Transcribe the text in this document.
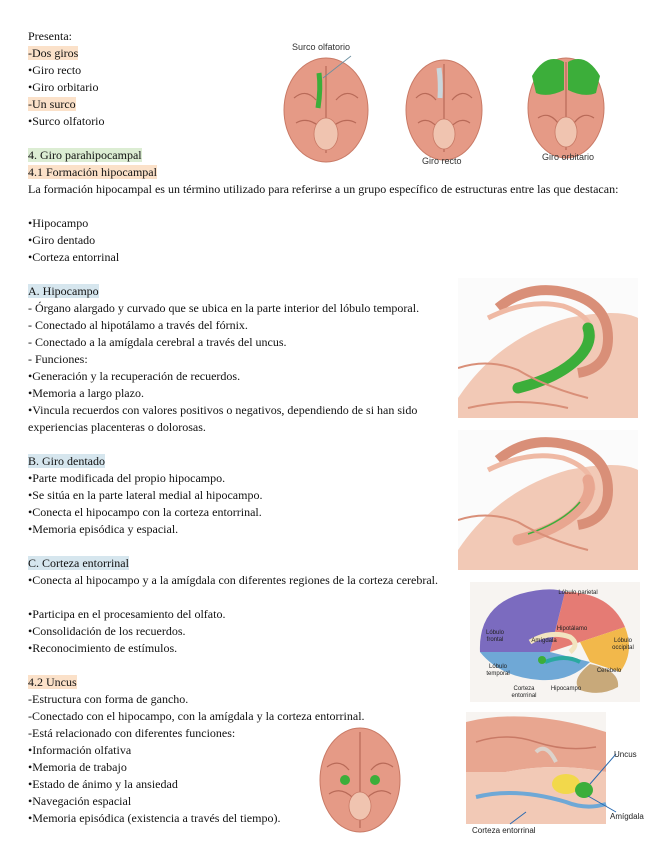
Presenta:
-Dos giros
•Giro recto
•Giro orbitario
-Un surco
•Surco olfatorio
4. Giro parahipocampal
4.1 Formación hipocampal
La formación hipocampal es un término utilizado para referirse a un grupo específico de estructuras entre las que destacan:
•Hipocampo
•Giro dentado
•Corteza entorrinal
A. Hipocampo
- Órgano alargado y curvado que se ubica en la parte interior del lóbulo temporal.
- Conectado al hipotálamo a través del fórnix.
- Conectado a la amígdala cerebral a través del uncus.
- Funciones:
•Generación y la recuperación de recuerdos.
•Memoria a largo plazo.
•Vincula recuerdos con valores positivos o negativos, dependiendo de si han sido
experiencias placenteras o dolorosas.
B. Giro dentado
•Parte modificada del propio hipocampo.
•Se sitúa en la parte lateral medial al hipocampo.
•Conecta el hipocampo con la corteza entorrinal.
•Memoria episódica y espacial.
C. Corteza entorrinal
•Conecta al hipocampo y a la amígdala con diferentes regiones de la corteza cerebral.
•Participa en el procesamiento del olfato.
•Consolidación de los recuerdos.
•Reconocimiento de estímulos.
4.2 Uncus
-Estructura con forma de gancho.
-Conectado con el hipocampo, con la amígdala y la corteza entorrinal.
-Está relacionado con diferentes funciones:
•Información olfativa
•Memoria de trabajo
•Estado de ánimo y la ansiedad
•Navegación espacial
•Memoria episódica (existencia a través del tiempo).
Surco olfatorio
Giro recto	Giro orbitario
Lóbulo parietal
Lóbulo frontal	Lóbulo occipital
Lóbulo temporal
Amígdala
Hipocampo
Cerebelo
Corteza entorrinal
Hipotálamo
Uncus
Amígdala
Corteza entorrinal
